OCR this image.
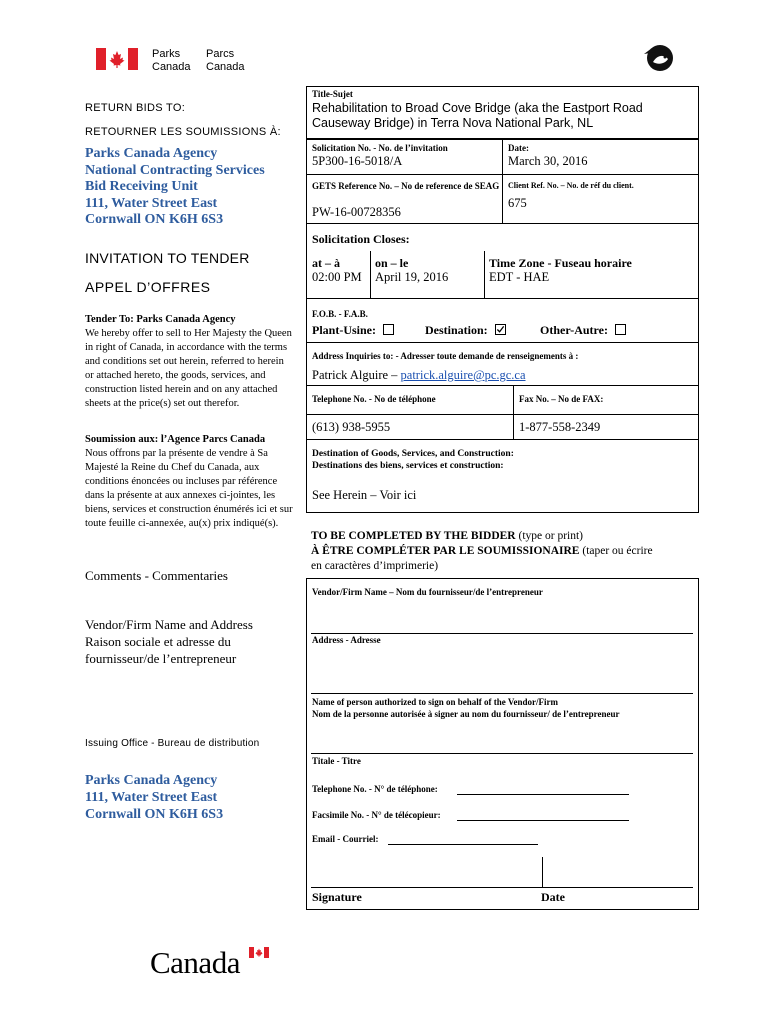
Parks Parcs
Canada Canada
RETURN BIDS TO:
RETOURNER LES SOUMISSIONS À:
Parks Canada Agency
National Contracting Services
Bid Receiving Unit
111, Water Street East
Cornwall ON K6H 6S3
INVITATION TO TENDER
APPEL D’OFFRES
Tender To: Parks Canada Agency
We hereby offer to sell to Her Majesty the Queen in right of Canada, in accordance with the terms and conditions set out herein, referred to herein or attached hereto, the goods, services, and construction listed herein and on any attached sheets at the price(s) set out therefor.
Soumission aux: l’Agence Parcs Canada
Nous offrons par la présente de vendre à Sa Majesté la Reine du Chef du Canada, aux conditions énoncées ou incluses par référence dans la présente at aux annexes ci-jointes, les biens, services et construction énumérés ici et sur toute feuille ci-annexée, au(x) prix indiqué(s).
Comments - Commentaries
Vendor/Firm Name and Address
Raison sociale et adresse du
fournisseur/de l’entrepreneur
Issuing Office - Bureau de distribution
Parks Canada Agency
111, Water Street East
Cornwall ON K6H 6S3
Title-Sujet
Rehabilitation to Broad Cove Bridge (aka the Eastport Road Causeway Bridge) in Terra Nova National Park, NL
Solicitation No. - No. de l’invitation
5P300-16-5018/A
Date:
March 30, 2016
GETS Reference No. – No de reference de SEAG
PW-16-00728356
Client Ref. No. – No. de réf du client.
675
Solicitation Closes:
at – à
02:00 PM
on – le
April 19, 2016
Time Zone - Fuseau horaire
EDT - HAE
F.O.B. - F.A.B.
Plant-Usine:	Destination:	Other-Autre:
Address Inquiries to: - Adresser toute demande de renseignements à :
Patrick Alguire – patrick.alguire@pc.gc.ca
Telephone No. - No de téléphone	Fax No. – No de FAX:
(613) 938-5955	1-877-558-2349
Destination of Goods, Services, and Construction:
Destinations des biens, services et construction:
See Herein – Voir ici
TO BE COMPLETED BY THE BIDDER (type or print)
À ÊTRE COMPLÉTER PAR LE SOUMISSIONAIRE (taper ou écrire
en caractères d’imprimerie)
Vendor/Firm Name – Nom du fournisseur/de l’entrepreneur
Address - Adresse
Name of person authorized to sign on behalf of the Vendor/Firm
Nom de la personne autorisée à signer au nom du fournisseur/ de l’entrepreneur
Titale - Titre
Telephone No. - N° de téléphone:
Facsimile No. - N° de télécopieur:
Email - Courriel:
Signature	Date
Canada
